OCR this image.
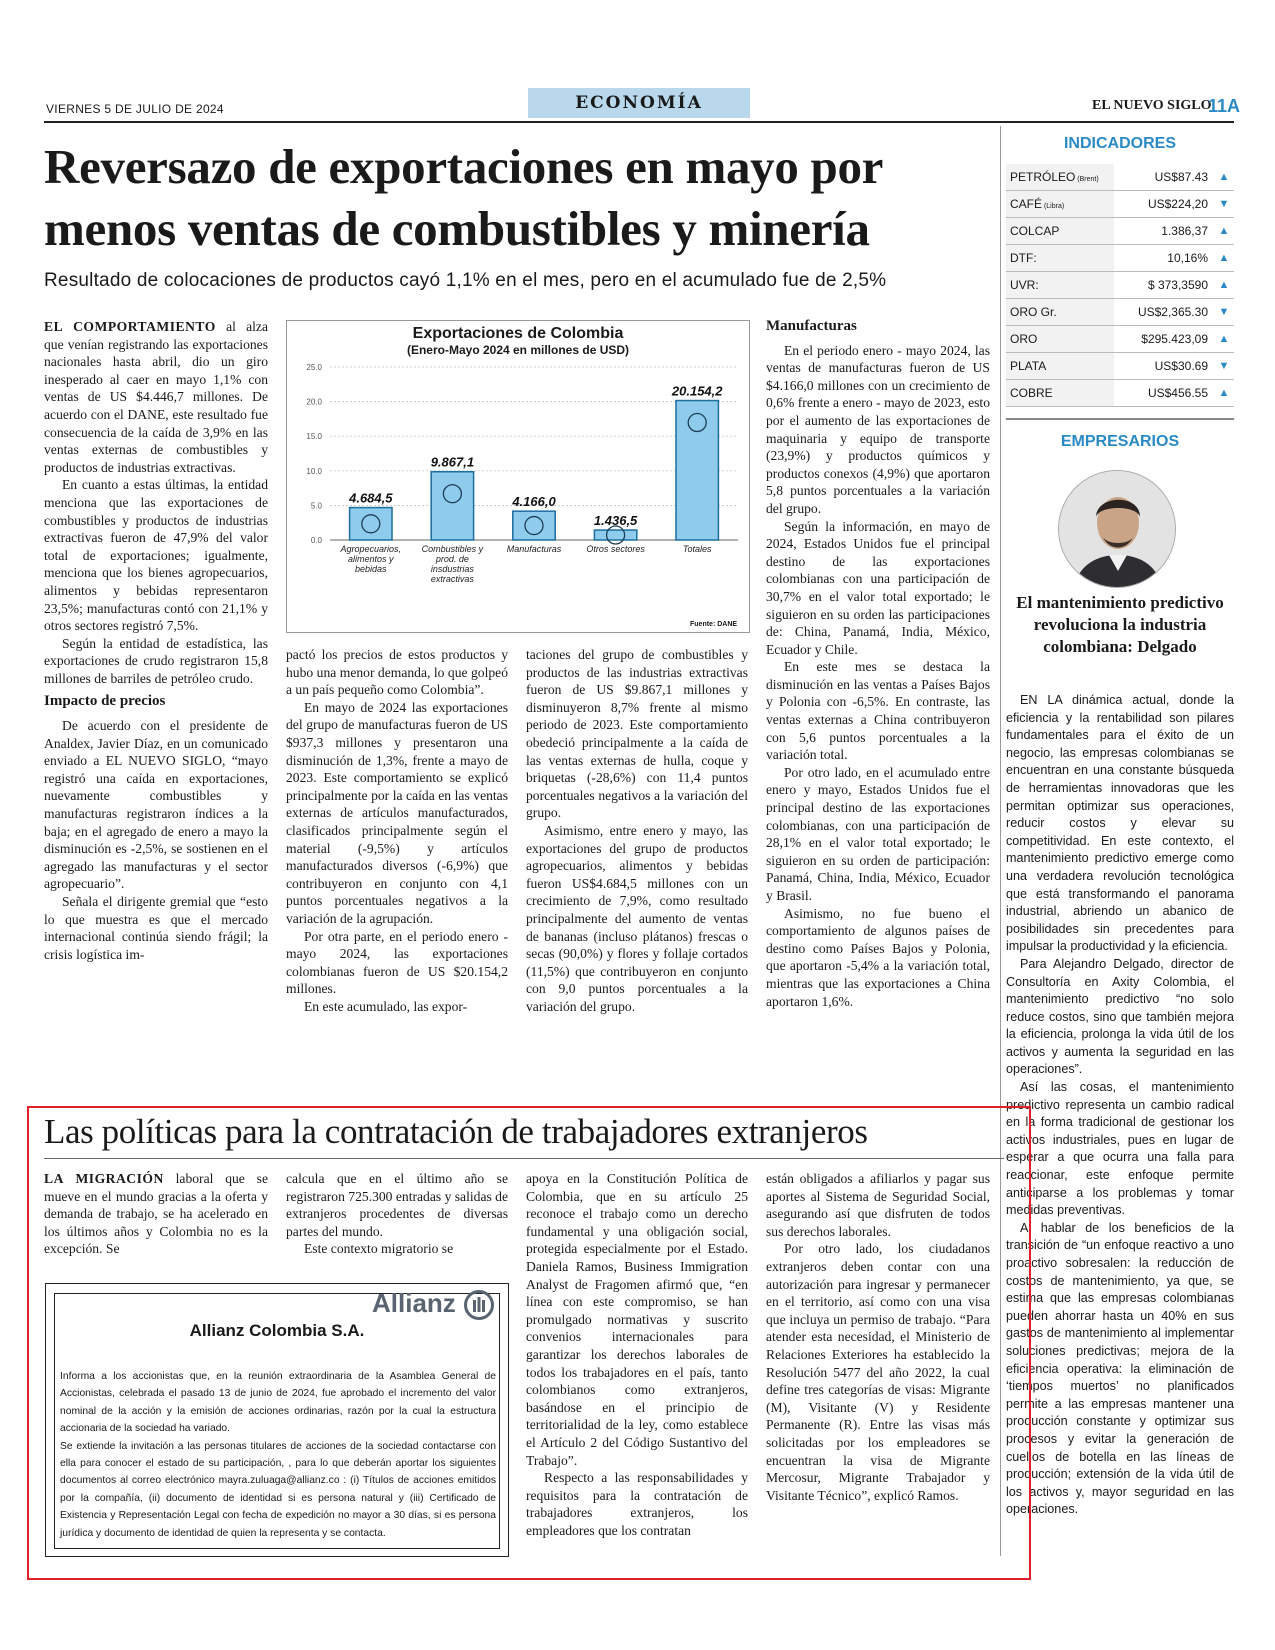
VIERNES 5 DE JULIO DE 2024	ECONOMÍA	EL NUEVO SIGLO
11A
Reversazo de exportaciones en mayo por menos ventas de combustibles y minería
Resultado de colocaciones de productos cayó 1,1% en el mes, pero en el acumulado fue de 2,5%

EL COMPORTAMIENTO al alza que venían registrando las exportaciones nacionales hasta abril, dio un giro inesperado al caer en mayo 1,1% con ventas de US $4.446,7 millones. De acuerdo con el DANE, este resultado fue consecuencia de la caída de 3,9% en las ventas externas de combustibles y productos de industrias extractivas.

En cuanto a estas últimas, la entidad menciona que las exportaciones de combustibles y productos de industrias extractivas fueron de 47,9% del valor total de exportaciones; igualmente, menciona que los bienes agropecuarios, alimentos y bebidas representaron 23,5%; manufacturas contó con 21,1% y otros sectores registró 7,5%.

Según la entidad de estadística, las exportaciones de crudo registraron 15,8 millones de barriles de petróleo crudo.

Impacto de precios

De acuerdo con el presidente de Analdex, Javier Díaz, en un comunicado enviado a EL NUEVO SIGLO, “mayo registró una caída en exportaciones, nuevamente combustibles y manufacturas registraron índices a la baja; en el agregado de enero a mayo la disminución es -2,5%, se sostienen en el agregado las manufacturas y el sector agropecuario”.

Señala el dirigente gremial que “esto lo que muestra es que el mercado internacional continúa siendo frágil; la crisis logística im-

Exportaciones de Colombia
(Enero-Mayo 2024 en millones de USD)
0.0
5.0
10.0
15.0
20.0
25.0
4.684,5
Agropecuarios, alimentos y bebidas
9.867,1
Combustibles y prod. de insdustrias extractivas
4.166,0
Manufacturas
1.436,5
Otros sectores
20.154,2
Totales
Fuente: DANE

pactó los precios de estos productos y hubo una menor demanda, lo que golpeó a un país pequeño como Colombia”.

En mayo de 2024 las exportaciones del grupo de manufacturas fueron de US $937,3 millones y presentaron una disminución de 1,3%, frente a mayo de 2023. Este comportamiento se explicó principalmente por la caída en las ventas externas de artículos manufacturados, clasificados principalmente según el material (-9,5%) y artículos manufacturados diversos (-6,9%) que contribuyeron en conjunto con 4,1 puntos porcentuales negativos a la variación de la agrupación.

Por otra parte, en el periodo enero - mayo 2024, las exportaciones colombianas fueron de US $20.154,2 millones.

En este acumulado, las expor-

taciones del grupo de combustibles y productos de las industrias extractivas fueron de US $9.867,1 millones y disminuyeron 8,7% frente al mismo periodo de 2023. Este comportamiento obedeció principalmente a la caída de las ventas externas de hulla, coque y briquetas (-28,6%) con 11,4 puntos porcentuales negativos a la variación del grupo.

Asimismo, entre enero y mayo, las exportaciones del grupo de productos agropecuarios, alimentos y bebidas fueron US$4.684,5 millones con un crecimiento de 7,9%, como resultado principalmente del aumento de ventas de bananas (incluso plátanos) frescas o secas (90,0%) y flores y follaje cortados (11,5%) que contribuyeron en conjunto con 9,0 puntos porcentuales a la variación del grupo.

Manufacturas

En el periodo enero - mayo 2024, las ventas de manufacturas fueron de US $4.166,0 millones con un crecimiento de 0,6% frente a enero - mayo de 2023, esto por el aumento de las exportaciones de maquinaria y equipo de transporte (23,9%) y productos químicos y productos conexos (4,9%) que aportaron 5,8 puntos porcentuales a la variación del grupo.

Según la información, en mayo de 2024, Estados Unidos fue el principal destino de las exportaciones colombianas con una participación de 30,7% en el valor total exportado; le siguieron en su orden las participaciones de: China, Panamá, India, México, Ecuador y Chile.

En este mes se destaca la disminución en las ventas a Países Bajos y Polonia con -6,5%. En contraste, las ventas externas a China contribuyeron con 5,6 puntos porcentuales a la variación total.

Por otro lado, en el acumulado entre enero y mayo, Estados Unidos fue el principal destino de las exportaciones colombianas, con una participación de 28,1% en el valor total exportado; le siguieron en su orden de participación: Panamá, China, India, México, Ecuador y Brasil.

Asimismo, no fue bueno el comportamiento de algunos países de destino como Países Bajos y Polonia, que aportaron -5,4% a la variación total, mientras que las exportaciones a China aportaron 1,6%.

INDICADORES
PETRÓLEO (Brent)	US$87.43 ▲
CAFÉ (Libra)	US$224,20 ▼
COLCAP	1.386,37 ▲
DTF:	10,16% ▲
UVR:	$ 373,3590 ▲
ORO Gr.	US$2,365.30 ▼
ORO	$295.423,09 ▲
PLATA	US$30.69 ▼
COBRE	US$456.55 ▲
EMPRESARIOS
El mantenimiento predictivo revoluciona la industria colombiana: Delgado

EN LA dinámica actual, donde la eficiencia y la rentabilidad son pilares fundamentales para el éxito de un negocio, las empresas colombianas se encuentran en una constante búsqueda de herramientas innovadoras que les permitan optimizar sus operaciones, reducir costos y elevar su competitividad. En este contexto, el mantenimiento predictivo emerge como una verdadera revolución tecnológica que está transformando el panorama industrial, abriendo un abanico de posibilidades sin precedentes para impulsar la productividad y la eficiencia.

Para Alejandro Delgado, director de Consultoría en Axity Colombia, el mantenimiento predictivo “no solo reduce costos, sino que también mejora la eficiencia, prolonga la vida útil de los activos y aumenta la seguridad en las operaciones”.

Así las cosas, el mantenimiento predictivo representa un cambio radical en la forma tradicional de gestionar los activos industriales, pues en lugar de esperar a que ocurra una falla para reaccionar, este enfoque permite anticiparse a los problemas y tomar medidas preventivas.

Al hablar de los beneficios de la transición de “un enfoque reactivo a uno proactivo sobresalen: la reducción de costos de mantenimiento, ya que, se estima que las empresas colombianas pueden ahorrar hasta un 40% en sus gastos de mantenimiento al implementar soluciones predictivas; mejora de la eficiencia operativa: la eliminación de ‘tiempos muertos’ no planificados permite a las empresas mantener una producción constante y optimizar sus procesos y evitar la generación de cuellos de botella en las líneas de producción; extensión de la vida útil de los activos y, mayor seguridad en las operaciones.

Las políticas para la contratación de trabajadores extranjeros

LA MIGRACIÓN laboral que se mueve en el mundo gracias a la oferta y demanda de trabajo, se ha acelerado en los últimos años y Colombia no es la excepción. Se

calcula que en el último año se registraron 725.300 entradas y salidas de extranjeros procedentes de diversas partes del mundo.

Este contexto migratorio se

apoya en la Constitución Política de Colombia, que en su artículo 25 reconoce el trabajo como un derecho fundamental y una obligación social, protegida especialmente por el Estado. Daniela Ramos, Business Immigration Analyst de Fragomen afirmó que, “en línea con este compromiso, se han promulgado normativas y suscrito convenios internacionales para garantizar los derechos laborales de todos los trabajadores en el país, tanto colombianos como extranjeros, basándose en el principio de territorialidad de la ley, como establece el Artículo 2 del Código Sustantivo del Trabajo”.

Respecto a las responsabilidades y requisitos para la contratación de trabajadores extranjeros, los empleadores que los contratan

están obligados a afiliarlos y pagar sus aportes al Sistema de Seguridad Social, asegurando así que disfruten de todos sus derechos laborales.

Por otro lado, los ciudadanos extranjeros deben contar con una autorización para ingresar y permanecer en el territorio, así como con una visa que incluya un permiso de trabajo. “Para atender esta necesidad, el Ministerio de Relaciones Exteriores ha establecido la Resolución 5477 del año 2022, la cual define tres categorías de visas: Migrante (M), Visitante (V) y Residente Permanente (R). Entre las visas más solicitadas por los empleadores se encuentran la visa de Migrante Mercosur, Migrante Trabajador y Visitante Técnico”, explicó Ramos.

Allianz
Allianz Colombia S.A.

Informa a los accionistas que, en la reunión extraordinaria de la Asamblea General de Accionistas, celebrada el pasado 13 de junio de 2024, fue aprobado el incremento del valor nominal de la acción y la emisión de acciones ordinarias, razón por la cual la estructura accionaria de la sociedad ha variado.

Se extiende la invitación a las personas titulares de acciones de la sociedad contactarse con ella para conocer el estado de su participación, , para lo que deberán aportar los siguientes documentos al correo electrónico mayra.zuluaga@allianz.co : (i) Títulos de acciones emitidos por la compañía, (ii) documento de identidad si es persona natural y (iii) Certificado de Existencia y Representación Legal con fecha de expedición no mayor a 30 días, si es persona jurídica y documento de identidad de quien la representa y se contacta.
